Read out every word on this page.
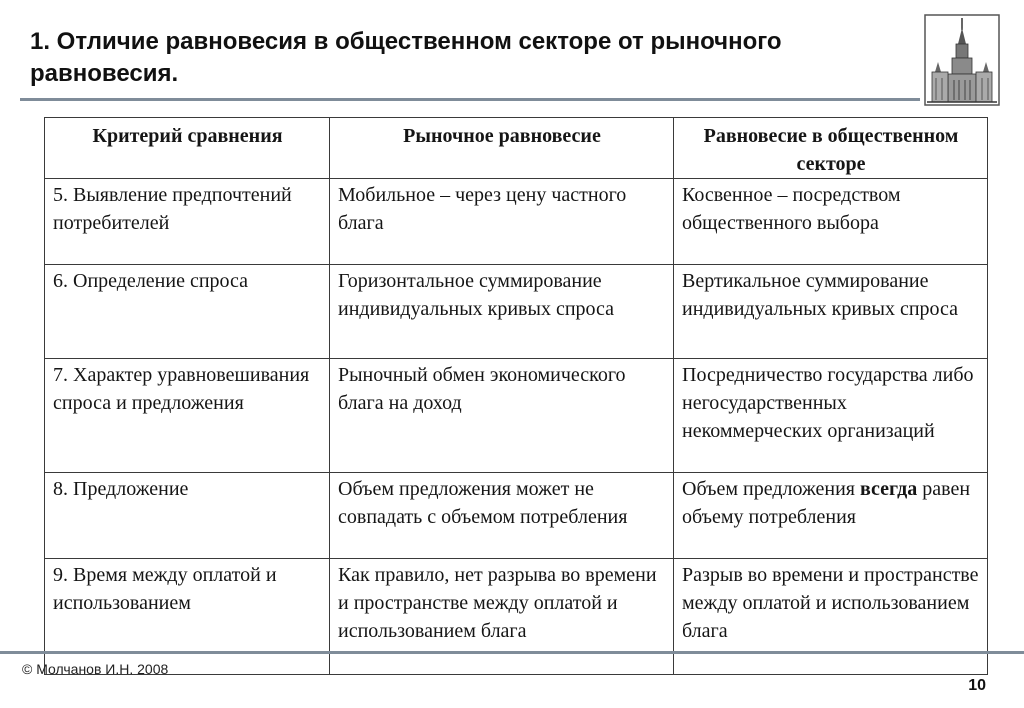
1. Отличие равновесия в общественном секторе от рыночного равновесия.
Критерий сравнения	Рыночное равновесие	Равновесие в общественном секторе
5. Выявление предпочтений потребителей	Мобильное – через цену частного блага	Косвенное – посредством общественного выбора
6. Определение спроса	Горизонтальное суммирование индивидуальных кривых спроса	Вертикальное суммирование индивидуальных кривых спроса
7. Характер уравновешивания спроса и предложения	Рыночный обмен экономического блага на доход	Посредничество государства либо негосударственных некоммерческих организаций
8. Предложение	Объем предложения может не совпадать с объемом потребления	Объем предложения всегда равен объему потребления
9. Время между оплатой и использованием	Как правило, нет разрыва во времени и пространстве между оплатой и использованием блага	Разрыв во времени и пространстве между оплатой и использованием блага

© Молчанов И.Н. 2008
10
